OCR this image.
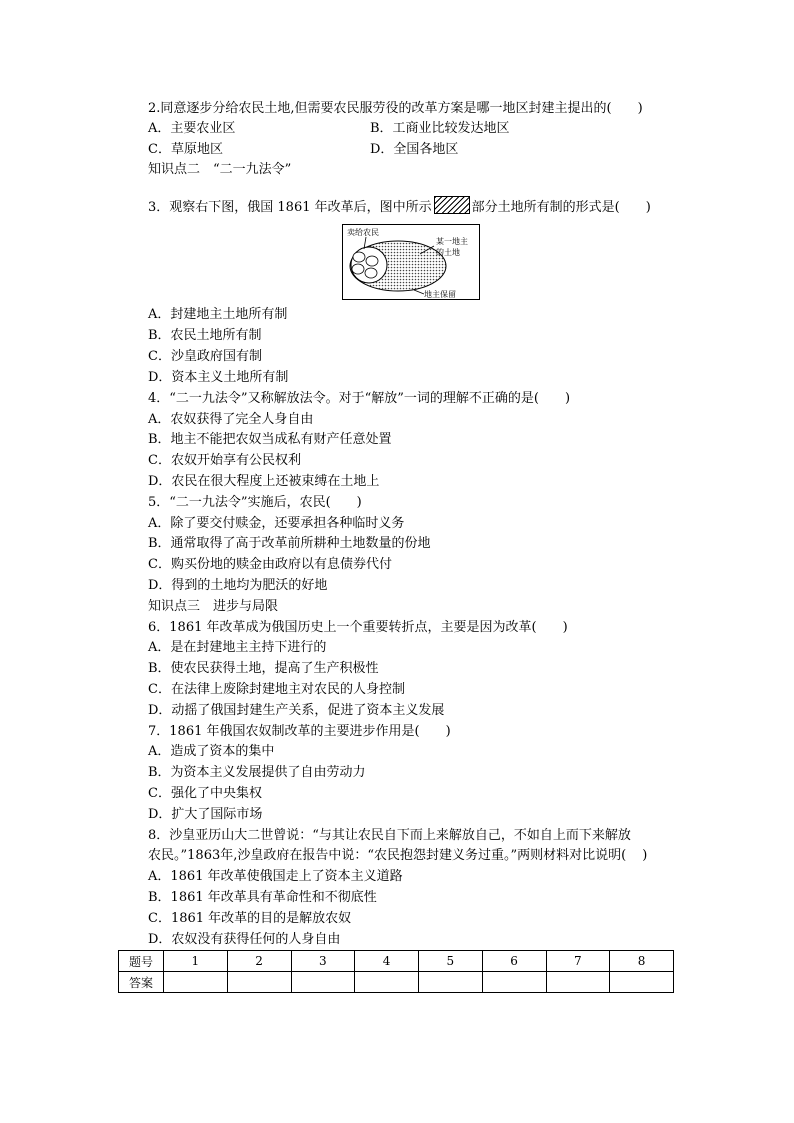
2.同意逐步分给农民土地,但需要农民服劳役的改革方案是哪一地区封建主提出的( )
A．主要农业区	B．工商业比较发达地区
C．草原地区	D．全国各地区
知识点二　“二一九法令”
3．观察右下图，俄国 1861 年改革后，图中所示	部分土地所有制的形式是( )
卖给农民
某一地主
的土地
地主保留
A．封建地主土地所有制
B．农民土地所有制
C．沙皇政府国有制
D．资本主义土地所有制
4．“二一九法令”又称解放法令。对于“解放”一词的理解不正确的是( )
A．农奴获得了完全人身自由
B．地主不能把农奴当成私有财产任意处置
C．农奴开始享有公民权利
D．农民在很大程度上还被束缚在土地上
5．“二一九法令”实施后，农民( )
A．除了要交付赎金，还要承担各种临时义务
B．通常取得了高于改革前所耕种土地数量的份地
C．购买份地的赎金由政府以有息债券代付
D．得到的土地均为肥沃的好地
知识点三　进步与局限
6．1861 年改革成为俄国历史上一个重要转折点，主要是因为改革( )
A．是在封建地主主持下进行的
B．使农民获得土地，提高了生产积极性
C．在法律上废除封建地主对农民的人身控制
D．动摇了俄国封建生产关系，促进了资本主义发展
7．1861 年俄国农奴制改革的主要进步作用是( )
A．造成了资本的集中
B．为资本主义发展提供了自由劳动力
C．强化了中央集权
D．扩大了国际市场
8．沙皇亚历山大二世曾说：“与其让农民自下而上来解放自己，不如自上而下来解放
农民。”1863年,沙皇政府在报告中说：“农民抱怨封建义务过重。”两则材料对比说明( )
A．1861 年改革使俄国走上了资本主义道路
B．1861 年改革具有革命性和不彻底性
C．1861 年改革的目的是解放农奴
D．农奴没有获得任何的人身自由
题号	1	2	3	4	5	6	7	8
答案								
